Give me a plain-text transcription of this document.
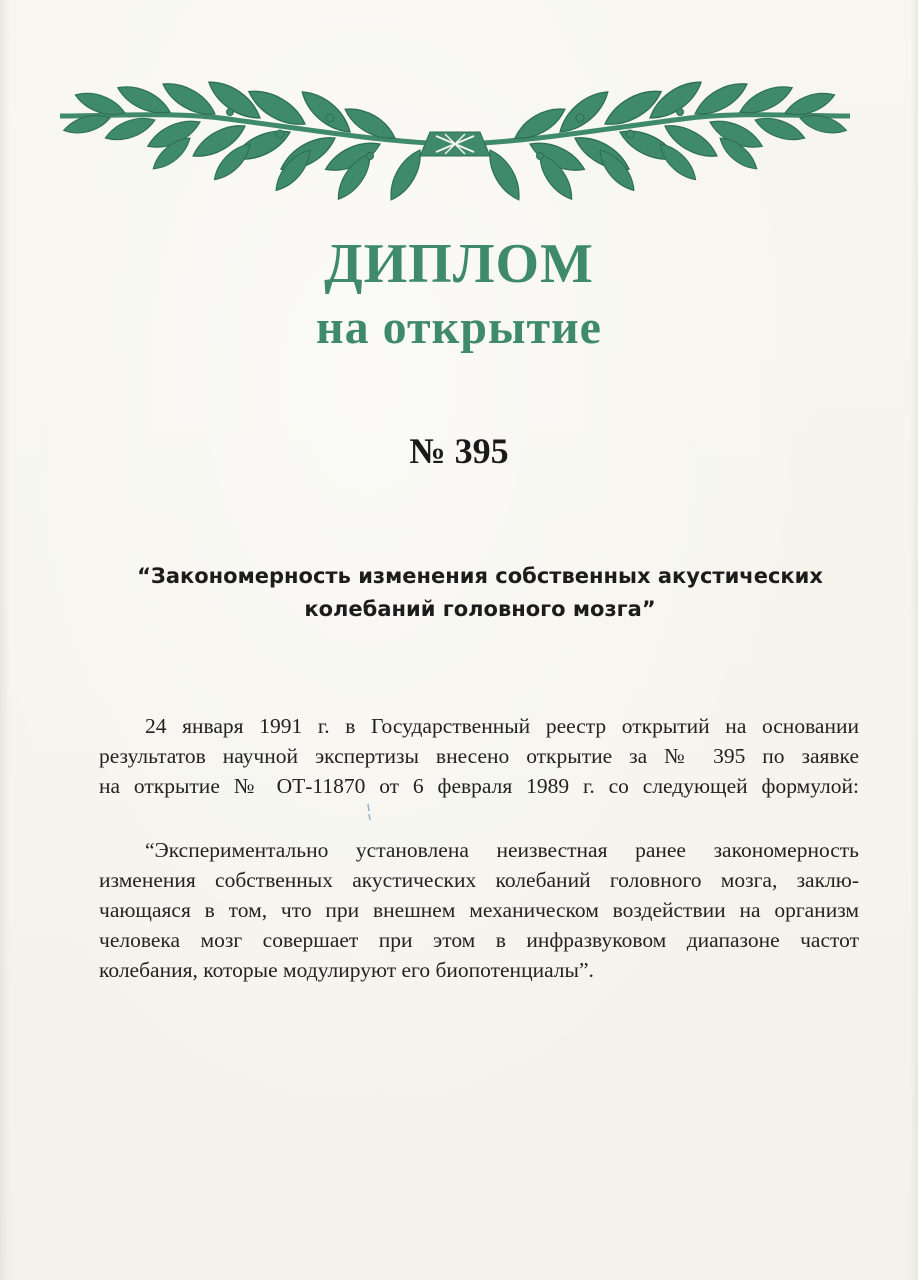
ДИПЛОМ
на открытие
№ 395
“Закономерность изменения собственных акустических
колебаний головного мозга”
24 января 1991 г. в Государственный реестр открытий на основании
результатов научной экспертизы внесено открытие за № 395 по заявке
на открытие № ОТ-11870 от 6 февраля 1989 г. со следующей формулой:
“Экспериментально установлена неизвестная ранее закономерность
изменения собственных акустических колебаний головного мозга, заклю-
чающаяся в том, что при внешнем механическом воздействии на организм
человека мозг совершает при этом в инфразвуковом диапазоне частот
колебания, которые модулируют его биопотенциалы”.
